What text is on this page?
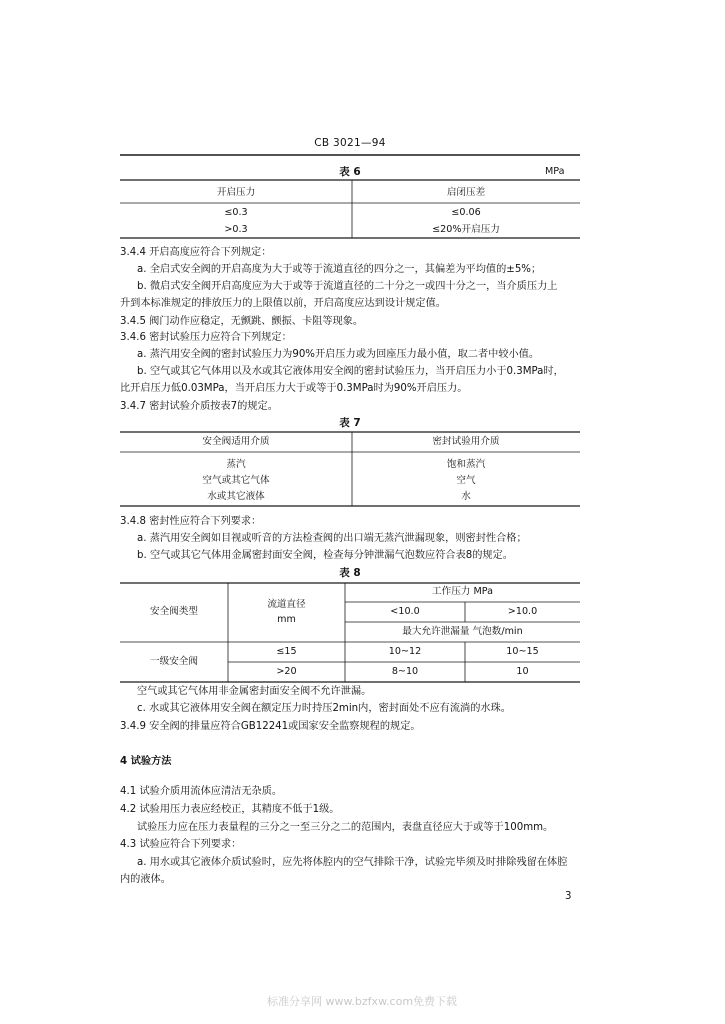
CB 3021—94
表 6	MPa
开启压力	启闭压差
≤0.3	≤0.06
>0.3	≤20%开启压力
3.4.4 开启高度应符合下列规定：
a. 全启式安全阀的开启高度为大于或等于流道直径的四分之一，其偏差为平均值的±5%；
b. 微启式安全阀开启高度应为大于或等于流道直径的二十分之一或四十分之一，当介质压力上
升到本标准规定的排放压力的上限值以前，开启高度应达到设计规定值。
3.4.5 阀门动作应稳定，无颤跳、颤振、卡阻等现象。
3.4.6 密封试验压力应符合下列规定：
a. 蒸汽用安全阀的密封试验压力为90%开启压力或为回座压力最小值，取二者中较小值。
b. 空气或其它气体用以及水或其它液体用安全阀的密封试验压力，当开启压力小于0.3MPa时，
比开启压力低0.03MPa，当开启压力大于或等于0.3MPa时为90%开启压力。
3.4.7 密封试验介质按表7的规定。
表 7
安全阀适用介质	密封试验用介质
蒸汽	饱和蒸汽
空气或其它气体	空气
水或其它液体	水
3.4.8 密封性应符合下列要求：
a. 蒸汽用安全阀如目视或听音的方法检查阀的出口端无蒸汽泄漏现象，则密封性合格；
b. 空气或其它气体用金属密封面安全阀，检查每分钟泄漏气泡数应符合表8的规定。
表 8
安全阀类型
流道直径
mm
工作压力 MPa
<10.0	>10.0
最大允许泄漏量 气泡数/min
一级安全阀
≤15	10~12	10~15
>20	8~10	10
空气或其它气体用非金属密封面安全阀不允许泄漏。
c. 水或其它液体用安全阀在额定压力时持压2min内，密封面处不应有流淌的水珠。
3.4.9 安全阀的排量应符合GB12241或国家安全监察规程的规定。
4 试验方法
4.1 试验介质用流体应清洁无杂质。
4.2 试验用压力表应经校正，其精度不低于1级。
试验压力应在压力表量程的三分之一至三分之二的范围内，表盘直径应大于或等于100mm。
4.3 试验应符合下列要求：
a. 用水或其它液体介质试验时，应先将体腔内的空气排除干净，试验完毕须及时排除残留在体腔
内的液体。
3
标准分享网 www.bzfxw.com免费下载
